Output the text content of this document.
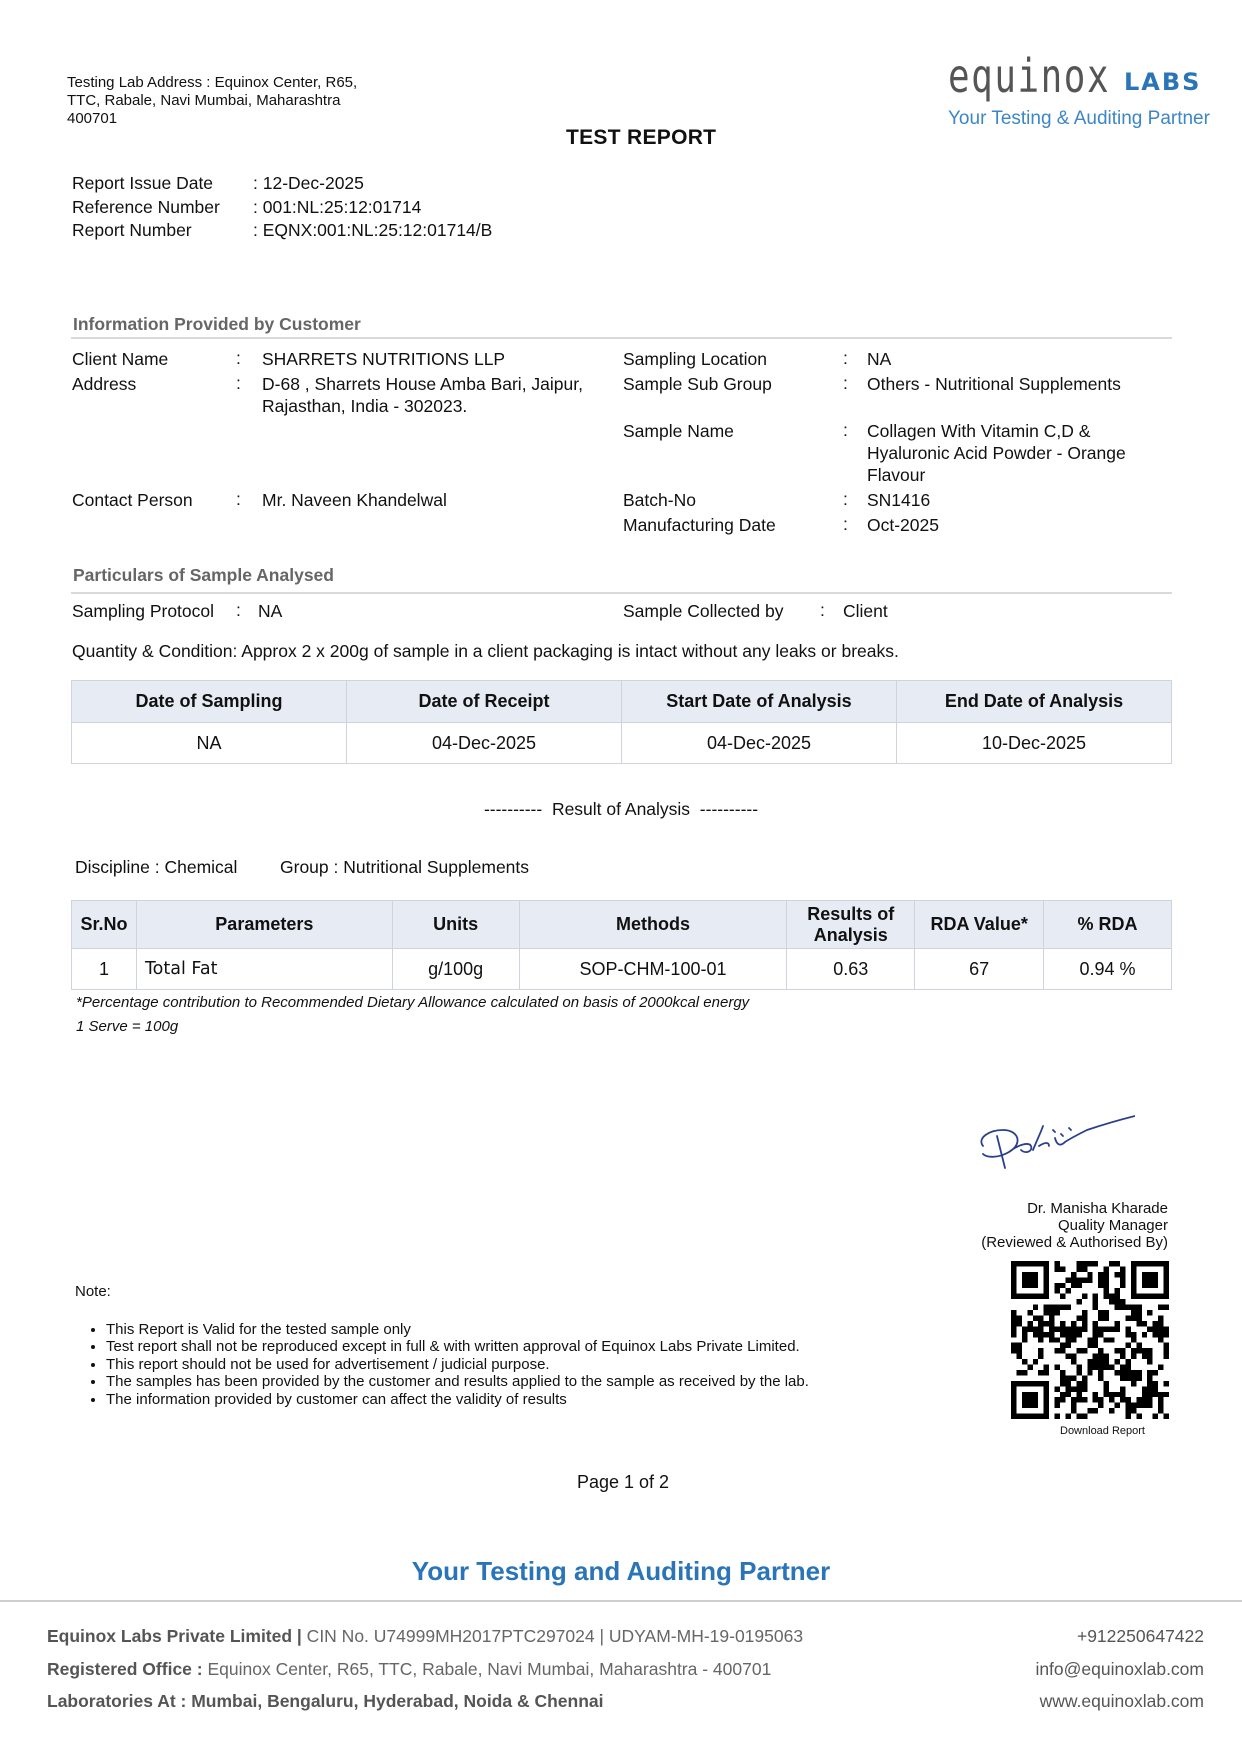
Testing Lab Address : Equinox Center, R65,
TTC, Rabale, Navi Mumbai, Maharashtra
400701
equinox LABS
Your Testing & Auditing Partner
TEST REPORT
Report Issue Date	: 12-Dec-2025
Reference Number	: 001:NL:25:12:01714
Report Number	: EQNX:001:NL:25:12:01714/B
Information Provided by Customer
Client Name	: SHARRETS NUTRITIONS LLP
Address	: D-68 , Sharrets House Amba Bari, Jaipur,
Rajasthan, India - 302023.
Contact Person : Mr. Naveen Khandelwal
Sampling Location	: NA
Sample Sub Group	: Others - Nutritional Supplements
Sample Name	: Collagen With Vitamin C,D &
Hyaluronic Acid Powder - Orange
Flavour
Batch-No	: SN1416
Manufacturing Date	: Oct-2025
Particulars of Sample Analysed
Sampling Protocol : NA	Sample Collected by : Client
Quantity & Condition: Approx 2 x 200g of sample in a client packaging is intact without any leaks or breaks.
Date of Sampling	Date of Receipt	Start Date of Analysis	End Date of Analysis
NA	04-Dec-2025	04-Dec-2025	10-Dec-2025
----------  Result of Analysis  ----------
Discipline : Chemical Group : Nutritional Supplements
Sr.No	Parameters	Units	Methods	Results of
Analysis	RDA Value*	% RDA
1	Total Fat	g/100g	SOP-CHM-100-01	0.63	67	0.94 %
*Percentage contribution to Recommended Dietary Allowance calculated on basis of 2000kcal energy
1 Serve = 100g
Dr. Manisha Kharade
Quality Manager
(Reviewed & Authorised By)
Download Report
Note:
• This Report is Valid for the tested sample only
• Test report shall not be reproduced except in full & with written approval of Equinox Labs Private Limited.
• This report should not be used for advertisement / judicial purpose.
• The samples has been provided by the customer and results applied to the sample as received by the lab.
• The information provided by customer can affect the validity of results
Page 1 of 2
Your Testing and Auditing Partner
Equinox Labs Private Limited | CIN No. U74999MH2017PTC297024 | UDYAM-MH-19-0195063
Registered Office : Equinox Center, R65, TTC, Rabale, Navi Mumbai, Maharashtra - 400701
Laboratories At : Mumbai, Bengaluru, Hyderabad, Noida & Chennai
+912250647422
info@equinoxlab.com
www.equinoxlab.com
